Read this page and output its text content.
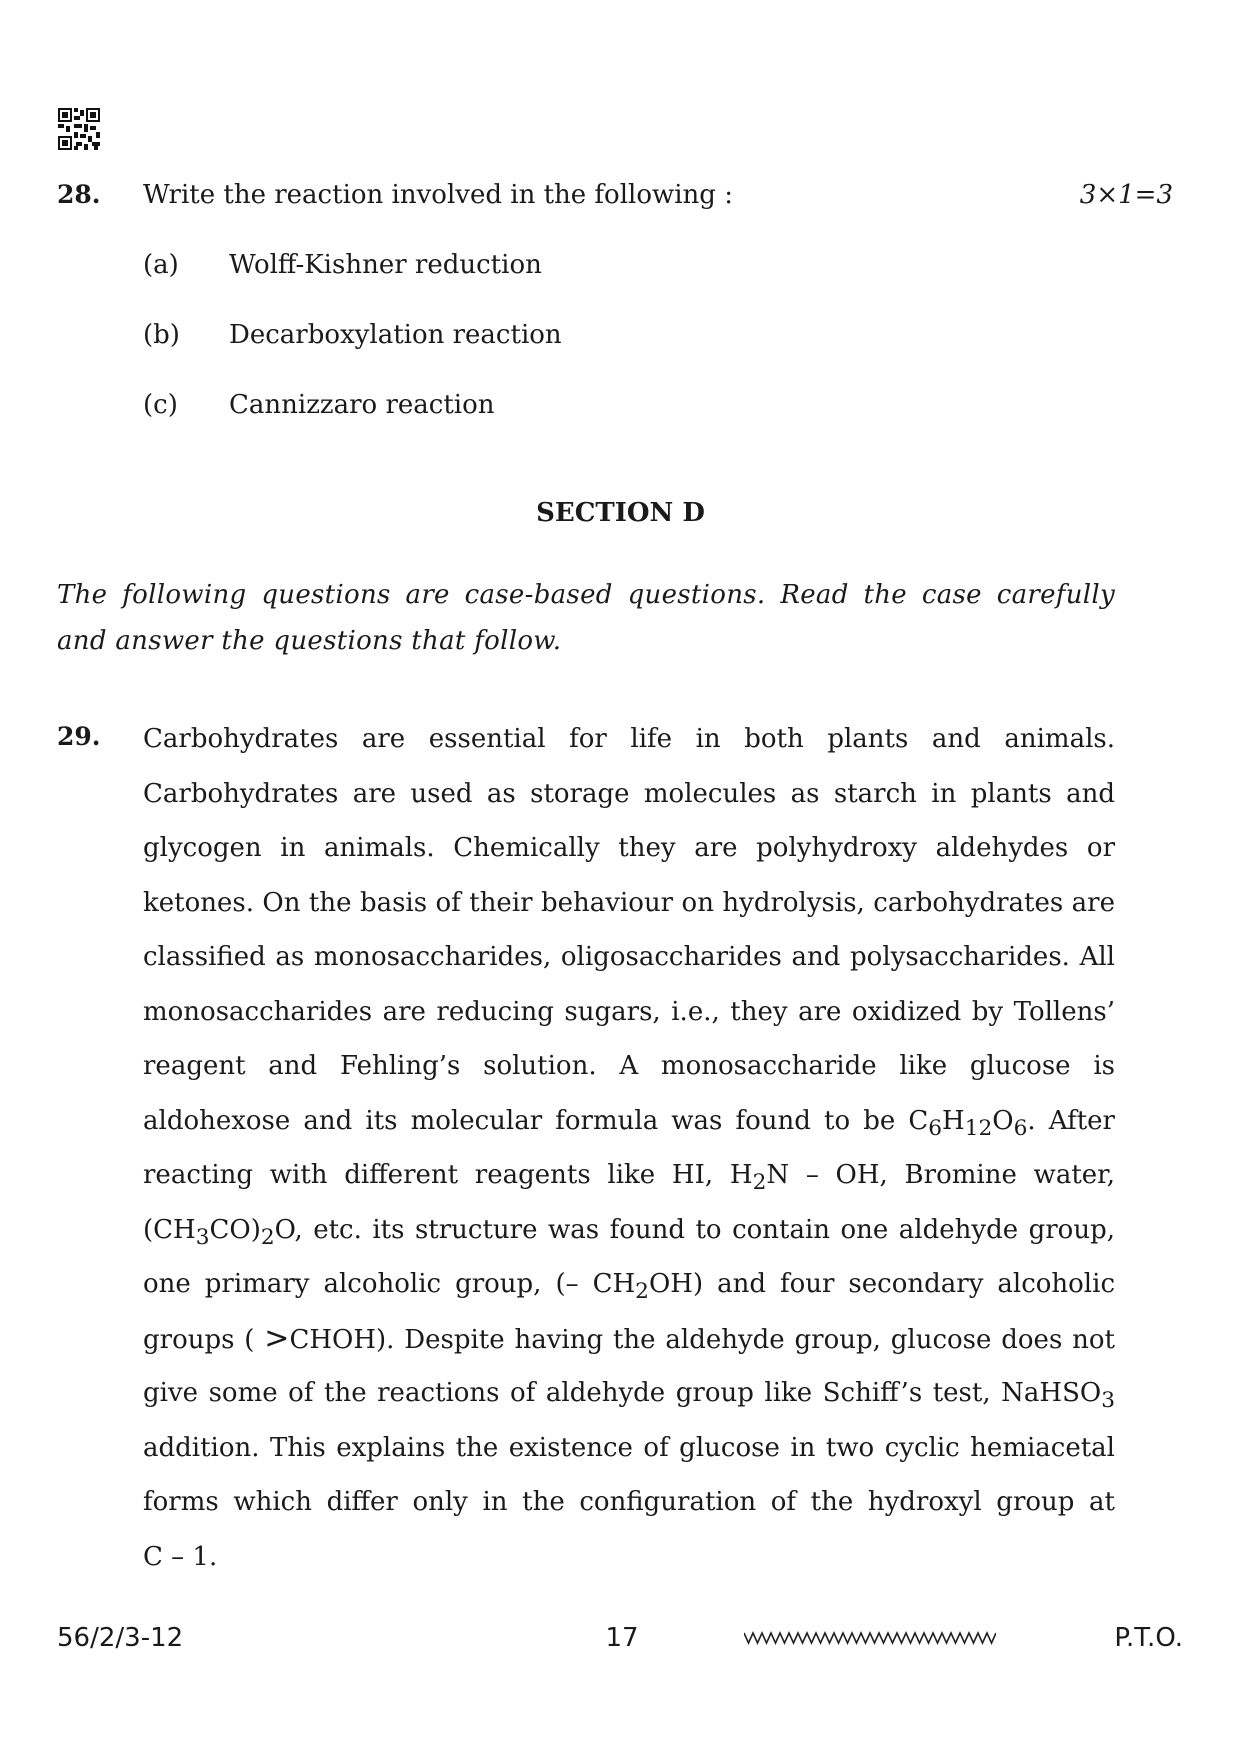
28. Write the reaction involved in the following :	3×1=3
(a) Wolff-Kishner reduction
(b) Decarboxylation reaction
(c) Cannizzaro reaction
SECTION D
The following questions are case-based questions. Read the case carefully and answer the questions that follow.
29. Carbohydrates are essential for life in both plants and animals.
Carbohydrates are used as storage molecules as starch in plants and
glycogen in animals. Chemically they are polyhydroxy aldehydes or
ketones. On the basis of their behaviour on hydrolysis, carbohydrates are
classified as monosaccharides, oligosaccharides and polysaccharides. All
monosaccharides are reducing sugars, i.e., they are oxidized by Tollens’
reagent and Fehling’s solution. A monosaccharide like glucose is
aldohexose and its molecular formula was found to be $C_6H_{12}O_6$. After
reacting with different reagents like HI, $H_2N$ – OH, Bromine water,
$(CH_3CO)_2O$, etc. its structure was found to contain one aldehyde group,
one primary alcoholic group, (– $CH_2OH$) and four secondary alcoholic
groups ( >CHOH). Despite having the aldehyde group, glucose does not
give some of the reactions of aldehyde group like Schiff’s test, NaHSO$_3$
addition. This explains the existence of glucose in two cyclic hemiacetal
forms which differ only in the configuration of the hydroxyl group at
C – 1.
56/2/3-12	17	P.T.O.
